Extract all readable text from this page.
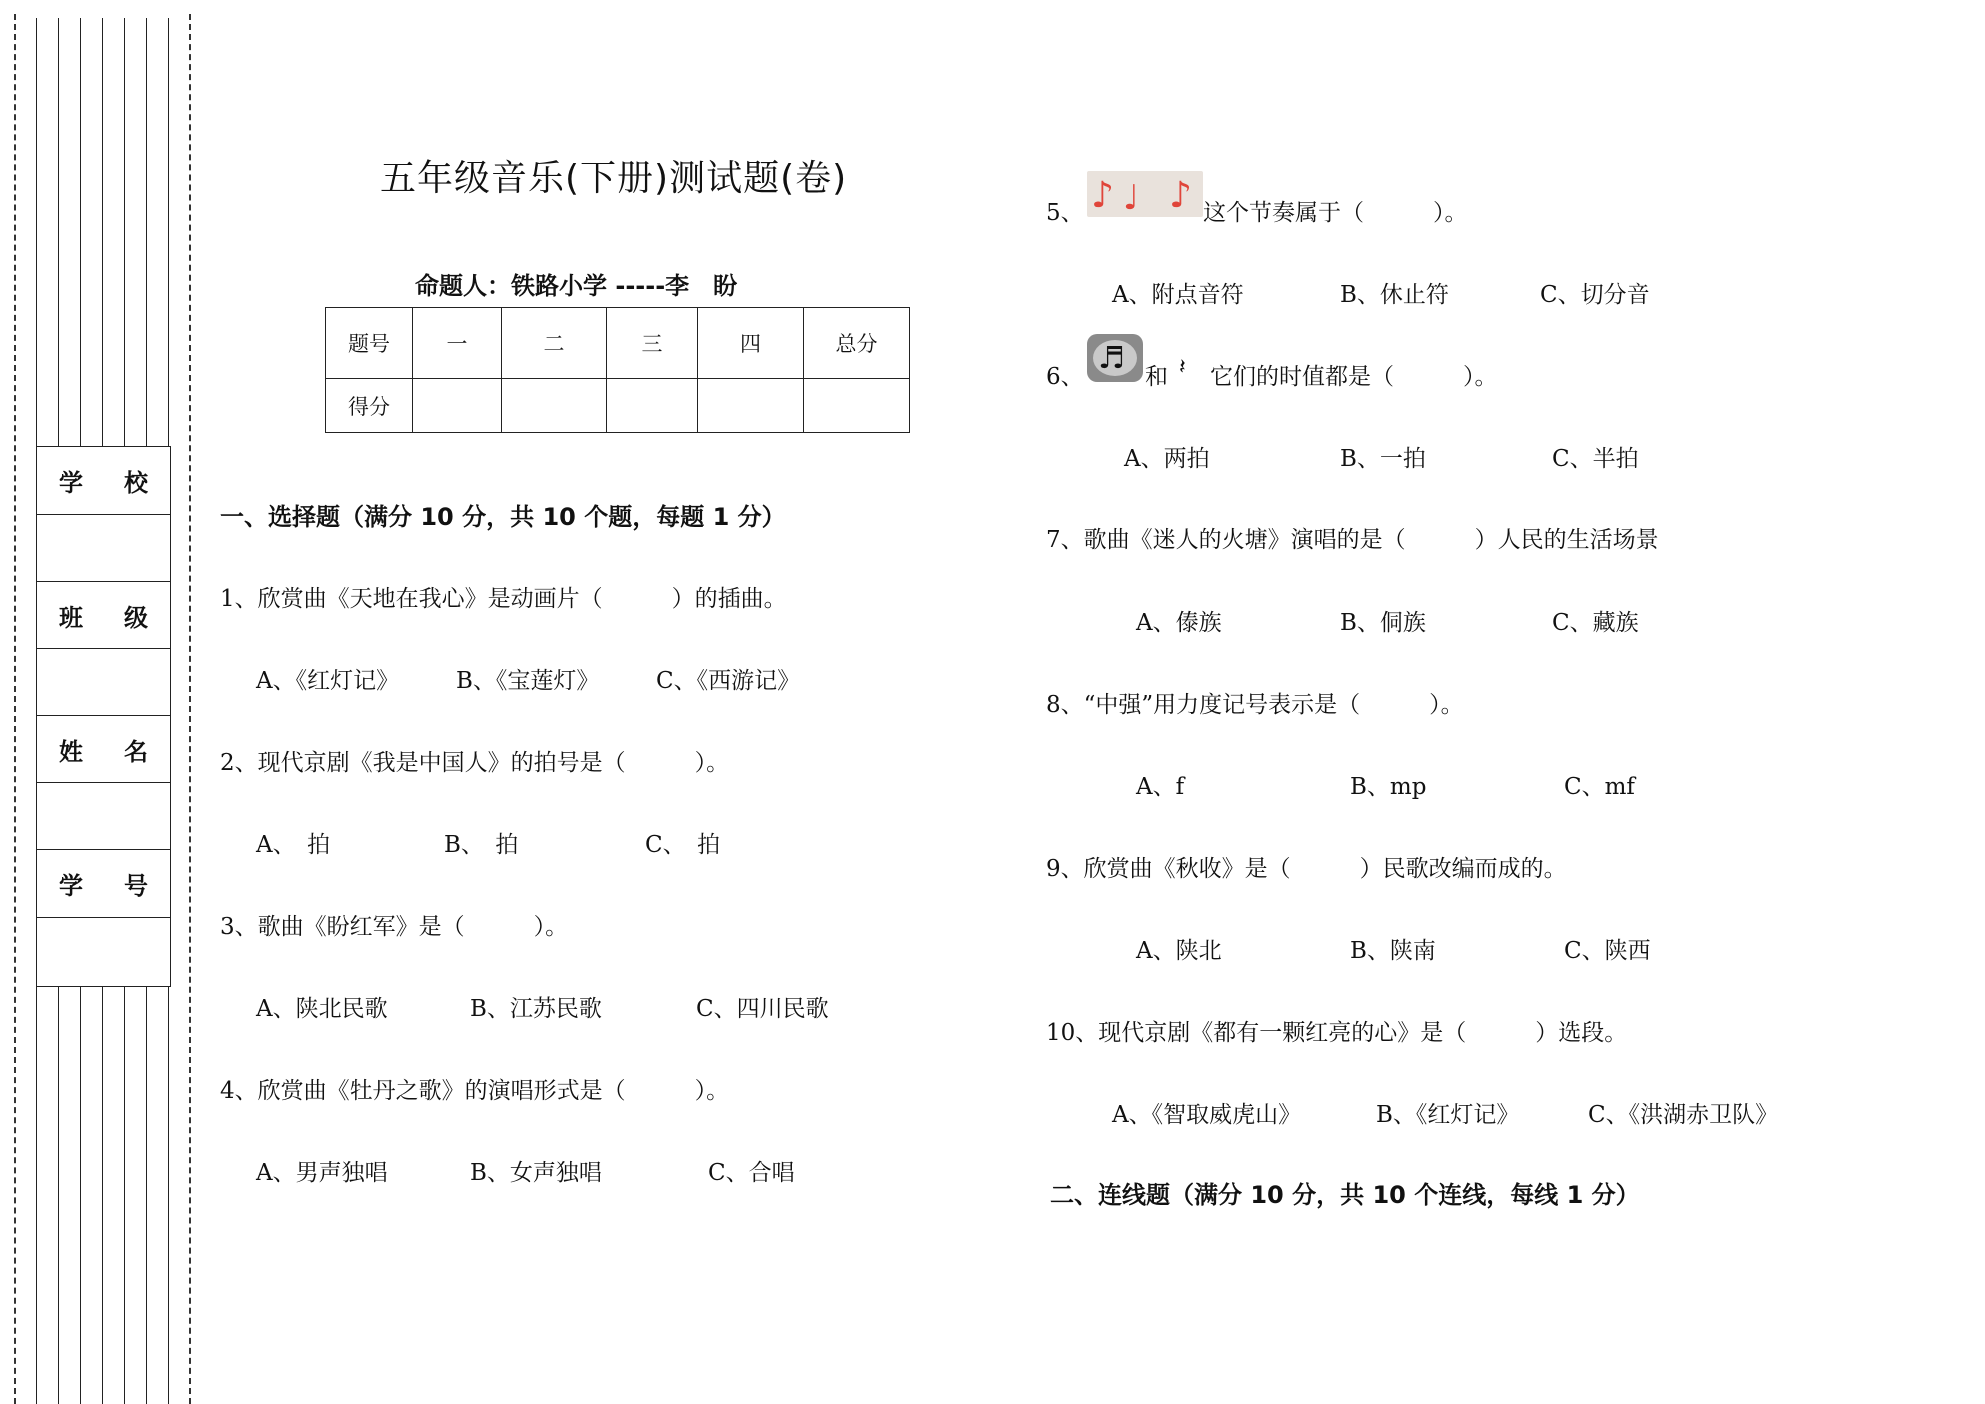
学 校
班 级
姓 名
学 号
五年级音乐(下册)测试题(卷)
命题人：铁路小学 -----李　盼
题号	一	二	三	四	总分
得分					
一、选择题（满分 10 分，共 10 个题，每题 1 分）
1、欣赏曲《天地在我心》是动画片（　　　）的插曲。
A、《红灯记》 B、《宝莲灯》 C、《西游记》
2、现代京剧《我是中国人》的拍号是（　　　）。
A、　拍	B、　拍	C、　拍
3、歌曲《盼红军》是（　　　）。
A、陕北民歌	B、江苏民歌	C、四川民歌
4、欣赏曲《牡丹之歌》的演唱形式是（　　　）。
A、男声独唱	B、女声独唱	C、合唱
5、 ♪ ♩ ♪ 这个节奏属于（　　　）。
A、附点音符	B、休止符	C、切分音
6、
♬
和 𝄽 它们的时值都是（　　　）。
A、两拍	B、一拍	C、半拍
7、歌曲《迷人的火塘》演唱的是（　　　）人民的生活场景
A、傣族	B、侗族	C、藏族
8、“中强”用力度记号表示是（　　　）。
A、f	B、mp	C、mf
9、欣赏曲《秋收》是（　　　）民歌改编而成的。
A、陕北	B、陕南	C、陕西
10、现代京剧《都有一颗红亮的心》是（　　　）选段。
A、《智取威虎山》	B、《红灯记》	C、《洪湖赤卫队》
二、连线题（满分 10 分，共 10 个连线，每线 1 分）
